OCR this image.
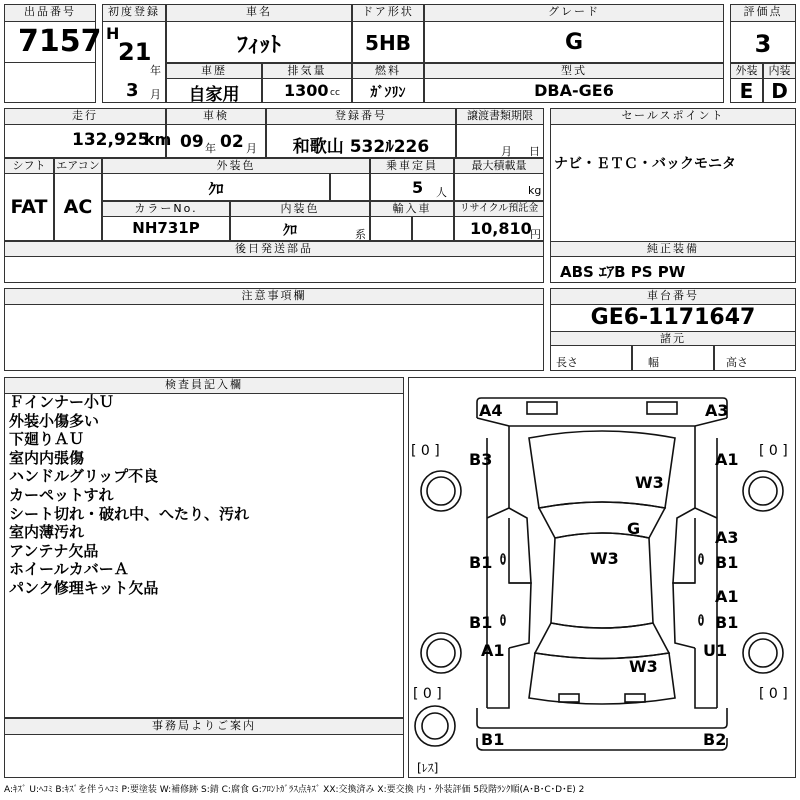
出品番号
7157
初度登録
H
21
年
3 月
車名
ﾌｨｯﾄ
ドア形状
5HB
グレード
G
評価点
3
車歴
自家用
排気量
1300 cc
燃料
ｶﾞｿﾘﾝ
型式
DBA-GE6
外装
E
内装
D
走行
132,925
km
車検
09 年 02 月
登録番号
和歌山 532ﾙ226
譲渡書類期限
月 日
セールスポイント
ナビ・ＥＴＣ・バックモニタ
シフト
FAT
エアコン
AC
外装色
ｸﾛ
乗車定員
5 人
最大積載量
kg
カラーNo.
NH731P
内装色
ｸﾛ	系
輸入車	リサイクル預託金
10,810
円
後日発送部品	純正装備
ABS ｴｱB PS PW
注意事項欄	車台番号
GE6-1171647
諸元
長さ	幅	高さ
検査員記入欄
Ｆインナー小Ｕ
外装小傷多い
下廻りＡＵ
室内内張傷
ハンドルグリップ不良
カーペットすれ
シート切れ・破れ中、へたり、汚れ
室内薄汚れ
アンテナ欠品
ホイールカバーＡ
パンク修理キット欠品
事務局よりご案内
A4	A3
B3	A1
W3
G	A3
B1	W3	B1
A1
B1	B1
A1	U1
W3
B1	B2
[ 0 ]	[ 0 ]
[ 0 ]	[ 0 ]
[ﾚｽ]
0	0
0	0
A:ｷｽﾞ U:ﾍｺﾐ B:ｷｽﾞを伴うﾍｺﾐ P:要塗装 W:補修跡 S:錆 C:腐食 G:ﾌﾛﾝﾄｶﾞﾗｽ点ｷｽﾞ XX:交換済み X:要交換 内・外装評価 5段階ﾗﾝｸ順(A･B･C･D･E) 2
